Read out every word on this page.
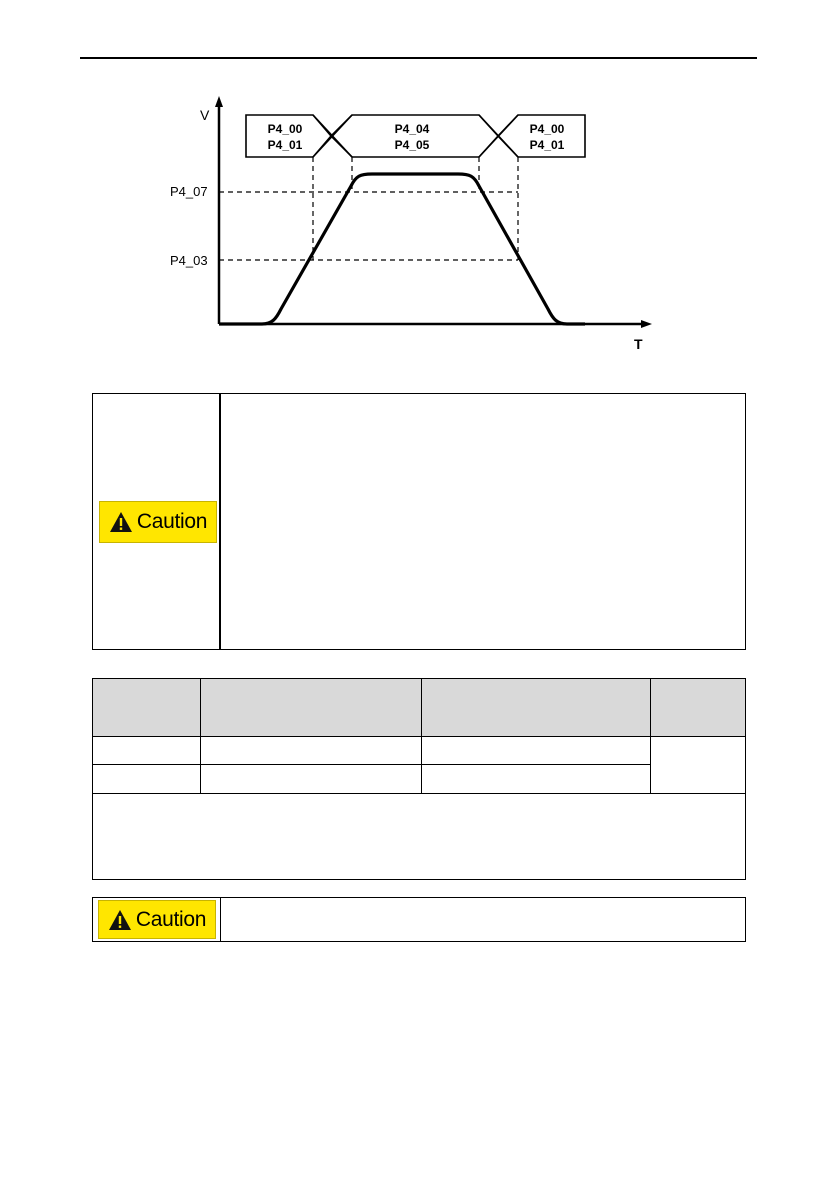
V
T
P4_07
P4_03
P4_00
P4_01
P4_04
P4_05
P4_00
P4_01
Caution
Caution
